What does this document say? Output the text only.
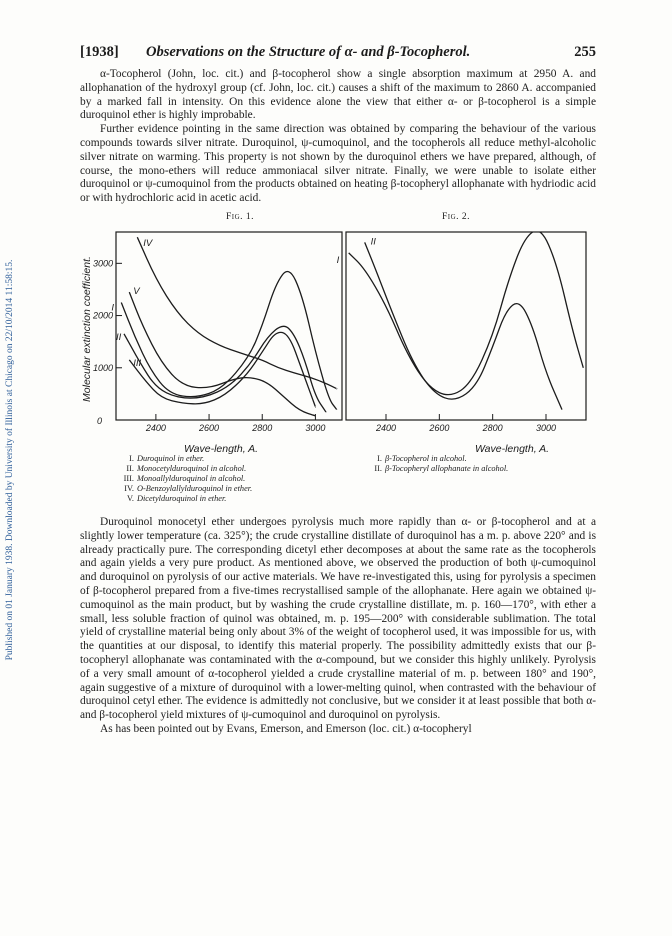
Published on 01 January 1938. Downloaded by University of Illinois at Chicago on 22/10/2014 11:58:15.
[1938] Observations on the Structure of α- and β-Tocopherol.	255

α-Tocopherol (John, loc. cit.) and β-tocopherol show a single absorption maximum at 2950 A. and allophanation of the hydroxyl group (cf. John, loc. cit.) causes a shift of the maximum to 2860 A. accompanied by a marked fall in intensity. On this evidence alone the view that either α- or β-tocopherol is a simple duroquinol ether is highly improbable.

Further evidence pointing in the same direction was obtained by comparing the behaviour of the various compounds towards silver nitrate. Duroquinol, ψ-cumoquinol, and the tocopherols all reduce methyl-alcoholic silver nitrate on warming. This property is not shown by the duroquinol ethers we have prepared, although, of course, the mono-ethers will reduce ammoniacal silver nitrate. Finally, we were unable to isolate either duroquinol or ψ-cumoquinol from the products obtained on heating β-tocopheryl allophanate with hydriodic acid or with hydrochloric acid in acetic acid.

Fig. 1.	Fig. 2.
Molecular extinction coefficient.
2400	2600	2800	3000
1000
2000
3000
0
I
II
III
IV
V
2400	2600	2800	3000
I
II
Wave-length, A.	Wave-length, A.
I. Duroquinol in ether.
II. Monocetylduroquinol in alcohol.
III. Monoallylduroquinol in alcohol.
IV. O-Benzoylallylduroquinol in ether.
V. Dicetylduroquinol in ether.
I. β-Tocopherol in alcohol.
II. β-Tocopheryl allophanate in alcohol.

Duroquinol monocetyl ether undergoes pyrolysis much more rapidly than α- or β-tocopherol and at a slightly lower temperature (ca. 325°); the crude crystalline distillate of duroquinol has a m. p. above 220° and is already practically pure. The corresponding dicetyl ether decomposes at about the same rate as the tocopherols and again yields a very pure product. As mentioned above, we observed the production of both ψ-cumoquinol and duroquinol on pyrolysis of our active materials. We have re-investigated this, using for pyrolysis a specimen of β-tocopherol prepared from a five-times recrystallised sample of the allophanate. Here again we obtained ψ-cumoquinol as the main product, but by washing the crude crystalline distillate, m. p. 160—170°, with ether a small, less soluble fraction of quinol was obtained, m. p. 195—200° with considerable sublimation. The total yield of crystalline material being only about 3% of the weight of tocopherol used, it was impossible for us, with the quantities at our disposal, to identify this material properly. The possibility admittedly exists that our β-tocopheryl allophanate was contaminated with the α-compound, but we consider this highly unlikely. Pyrolysis of a very small amount of α-tocopherol yielded a crude crystalline material of m. p. between 180° and 190°, again suggestive of a mixture of duroquinol with a lower-melting quinol, when contrasted with the behaviour of duroquinol cetyl ether. The evidence is admittedly not conclusive, but we consider it at least possible that both α- and β-tocopherol yield mixtures of ψ-cumoquinol and duroquinol on pyrolysis.

As has been pointed out by Evans, Emerson, and Emerson (loc. cit.) α-tocopheryl
